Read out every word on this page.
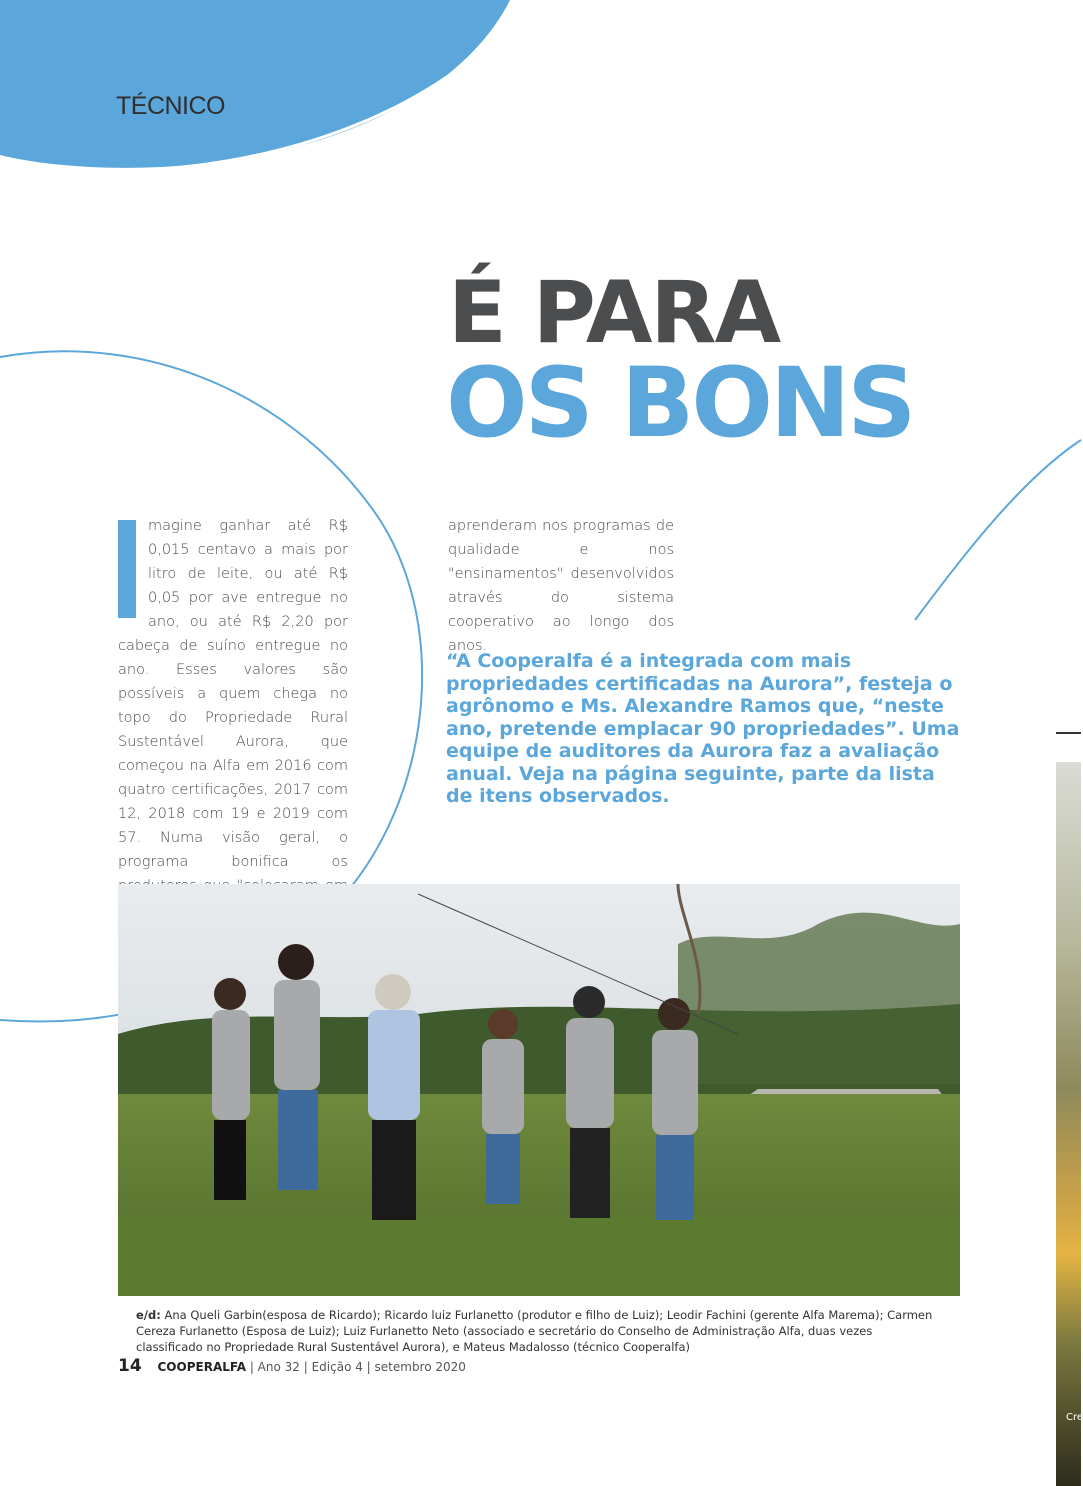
TÉCNICO
É PARA
OS BONS

magine ganhar até R$ 0,015 centavo a mais por litro de leite, ou até R$ 0,05 por ave entregue no ano, ou até R$ 2,20 por cabeça de suíno entregue no ano. Esses valores são possíveis a quem chega no topo do Propriedade Rural Sustentável Aurora, que começou na Alfa em 2016 com quatro certificações, 2017 com 12, 2018 com 19 e 2019 com 57. Numa visão geral, o programa bonifica os

aprenderam nos programas de qualidade e nos "ensinamentos" desenvolvidos através do sistema cooperativo ao longo dos anos.

“A Cooperalfa é a integrada com mais propriedades certificadas na Aurora”, festeja o agrônomo e Ms. Alexandre Ramos que, “neste ano, pretende emplacar 90 propriedades”. Uma equipe de auditores da Aurora faz a avaliação anual. Veja na página seguinte, parte da lista de itens observados.

e/d: Ana Queli Garbin(esposa de Ricardo); Ricardo luiz Furlanetto (produtor e filho de Luiz); Leodir Fachini (gerente Alfa Marema); Carmen Cereza Furlanetto (Esposa de Luiz); Luiz Furlanetto Neto (associado e secretário do Conselho de Administração Alfa, duas vezes classificado no Propriedade Rural Sustentável Aurora), e Mateus Madalosso (técnico Cooperalfa)

14 COOPERALFA | Ano 32 | Edição 4 | setembro 2020
Cre
